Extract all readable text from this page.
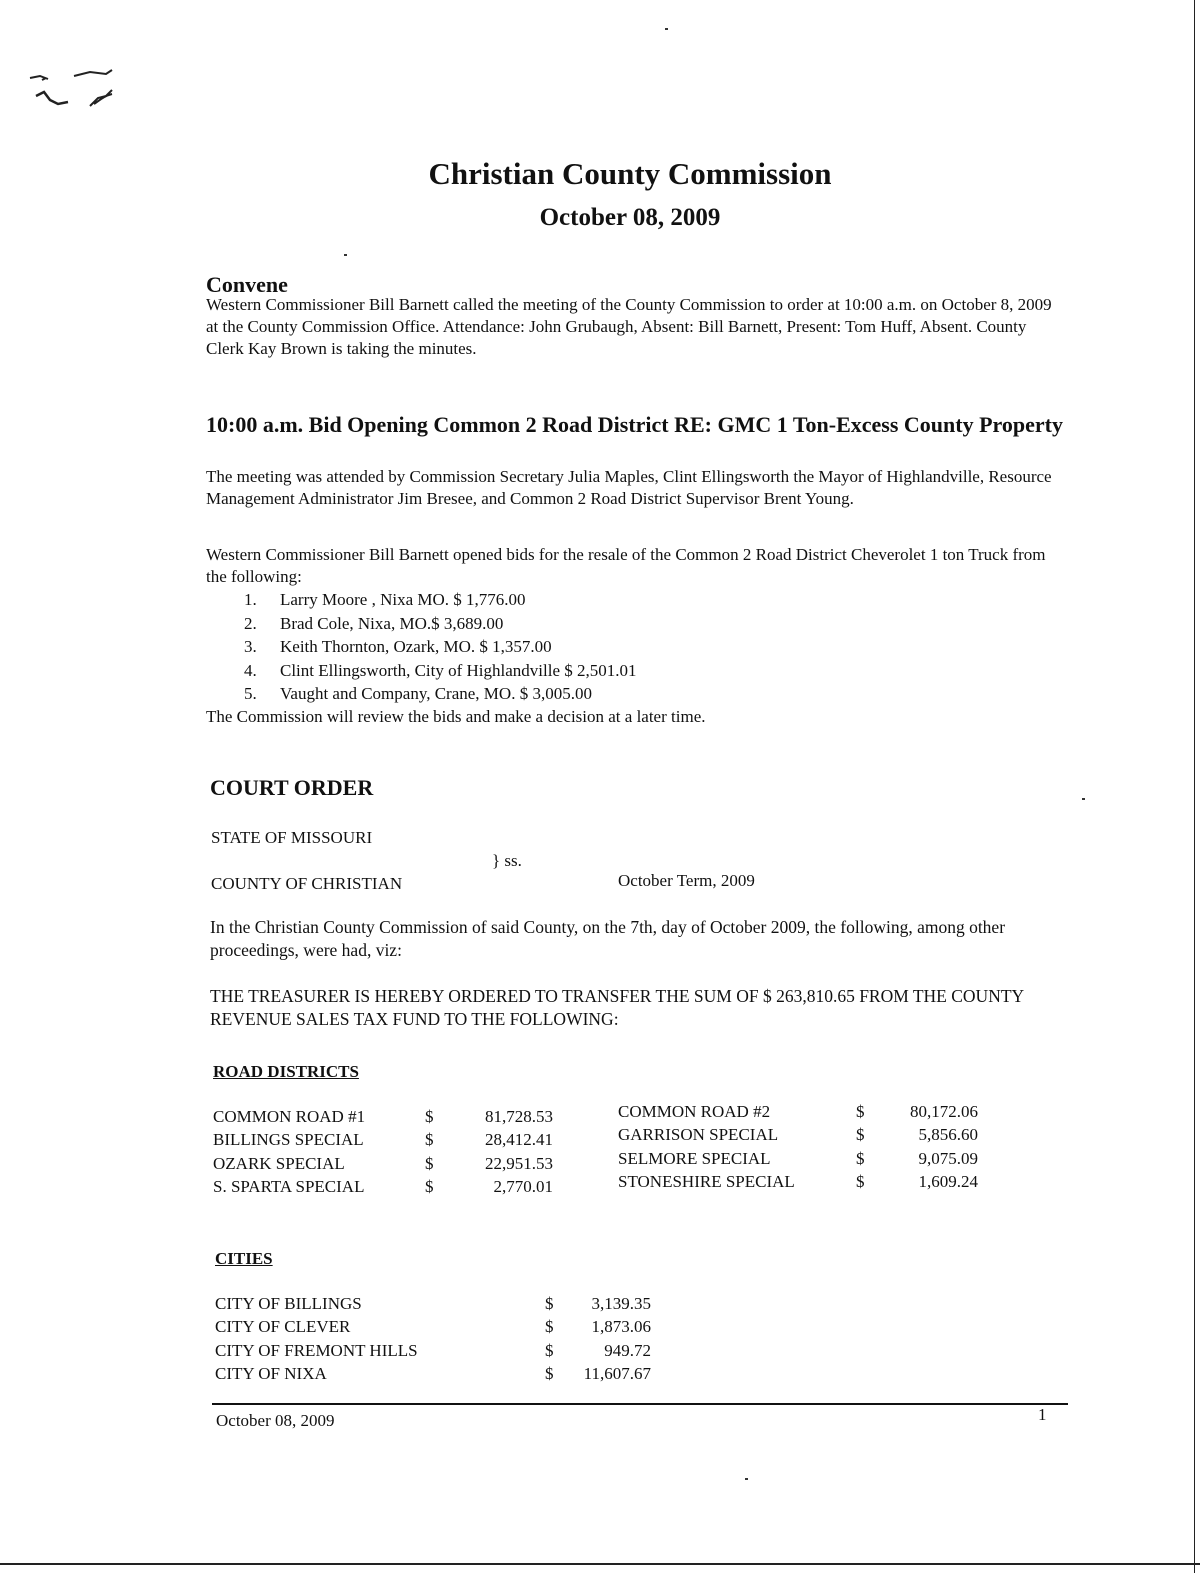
Christian County Commission
October 08, 2009
Convene
Western Commissioner Bill Barnett called the meeting of the County Commission to order at 10:00 a.m. on October 8, 2009 at the County Commission Office. Attendance: John Grubaugh, Absent: Bill Barnett, Present: Tom Huff, Absent. County Clerk Kay Brown is taking the minutes.
10:00 a.m. Bid Opening Common 2 Road District RE: GMC 1 Ton-Excess County Property
The meeting was attended by Commission Secretary Julia Maples, Clint Ellingsworth the Mayor of Highlandville, Resource Management Administrator Jim Bresee, and Common 2 Road District Supervisor Brent Young.
Western Commissioner Bill Barnett opened bids for the resale of the Common 2 Road District Cheverolet 1 ton Truck from the following:
1. Larry Moore , Nixa MO. $ 1,776.00
2. Brad Cole, Nixa, MO.$ 3,689.00
3. Keith Thornton, Ozark, MO. $ 1,357.00
4. Clint Ellingsworth, City of Highlandville $ 2,501.01
5. Vaught and Company, Crane, MO. $ 3,005.00
The Commission will review the bids and make a decision at a later time.
COURT ORDER
STATE OF MISSOURI
} ss.
COUNTY OF CHRISTIAN	October Term, 2009
In the Christian County Commission of said County, on the 7th, day of October 2009, the following, among other proceedings, were had, viz:
THE TREASURER IS HEREBY ORDERED TO TRANSFER THE SUM OF $ 263,810.65 FROM THE COUNTY REVENUE SALES TAX FUND TO THE FOLLOWING:
ROAD DISTRICTS
COMMON ROAD #1	$	81,728.53
BILLINGS SPECIAL	$	28,412.41
OZARK SPECIAL	$	22,951.53
S. SPARTA SPECIAL	$	2,770.01
COMMON ROAD #2	$	80,172.06
GARRISON SPECIAL	$	5,856.60
SELMORE SPECIAL	$	9,075.09
STONESHIRE SPECIAL	$	1,609.24
CITIES
CITY OF BILLINGS	$	3,139.35
CITY OF CLEVER	$	1,873.06
CITY OF FREMONT HILLS	$	949.72
CITY OF NIXA	$	11,607.67
October 08, 2009	1
